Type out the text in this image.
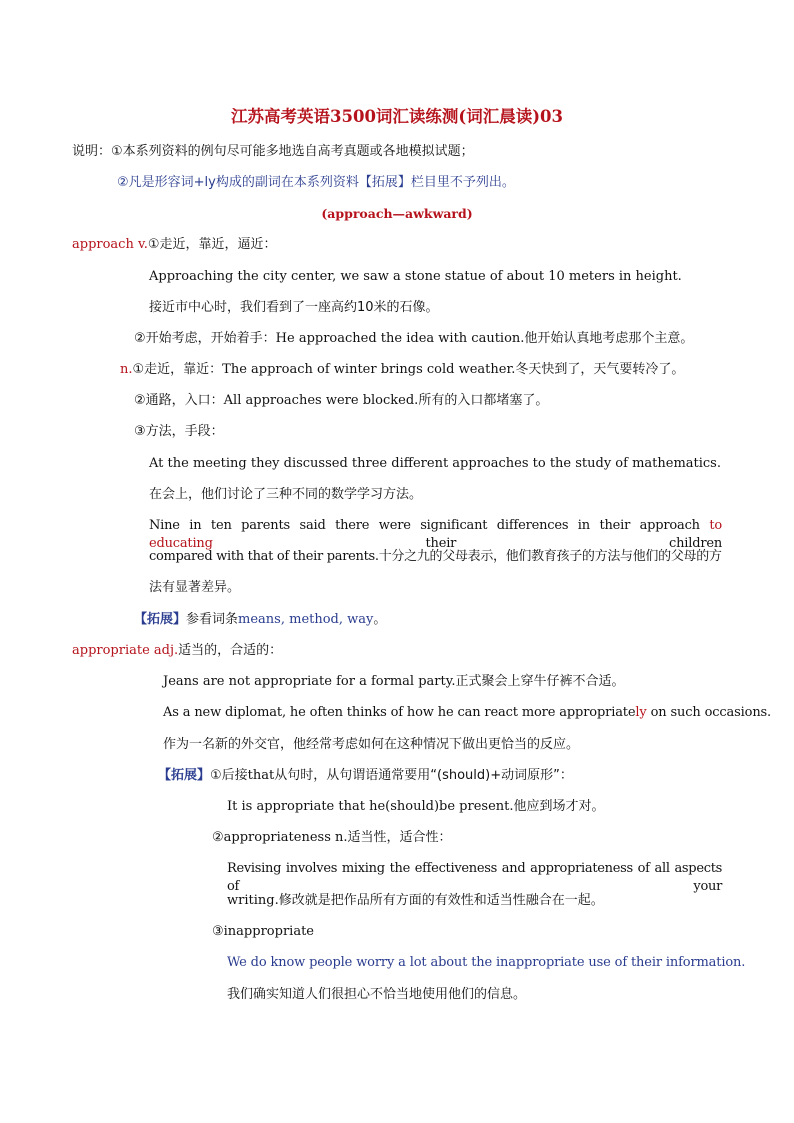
江苏高考英语3500词汇读练测(词汇晨读)03
说明：①本系列资料的例句尽可能多地选自高考真题或各地模拟试题；
②凡是形容词+ly构成的副词在本系列资料【拓展】栏目里不予列出。
(approach—awkward)
approach v.①走近，靠近，逼近：
Approaching the city center, we saw a stone statue of about 10 meters in height.
接近市中心时，我们看到了一座高约10米的石像。
②开始考虑，开始着手：He approached the idea with caution.他开始认真地考虑那个主意。
n.①走近，靠近：The approach of winter brings cold weather.冬天快到了，天气要转冷了。
②通路，入口：All approaches were blocked.所有的入口都堵塞了。
③方法，手段：
At the meeting they discussed three different approaches to the study of mathematics.
在会上，他们讨论了三种不同的数学学习方法。
Nine in ten parents said there were significant differences in their approach to educating their children
compared with that of their parents.十分之九的父母表示，他们教育孩子的方法与他们的父母的方
法有显著差异。
【拓展】参看词条means, method, way。
appropriate adj.适当的，合适的：
Jeans are not appropriate for a formal party.正式聚会上穿牛仔裤不合适。
As a new diplomat, he often thinks of how he can react more appropriately on such occasions.
作为一名新的外交官，他经常考虑如何在这种情况下做出更恰当的反应。
【拓展】①后接that从句时，从句谓语通常要用“(should)+动词原形”：
It is appropriate that he(should)be present.他应到场才对。
②appropriateness n.适当性，适合性：
Revising involves mixing the effectiveness and appropriateness of all aspects of your
writing.修改就是把作品所有方面的有效性和适当性融合在一起。
③inappropriate
We do know people worry a lot about the inappropriate use of their information.
我们确实知道人们很担心不恰当地使用他们的信息。
